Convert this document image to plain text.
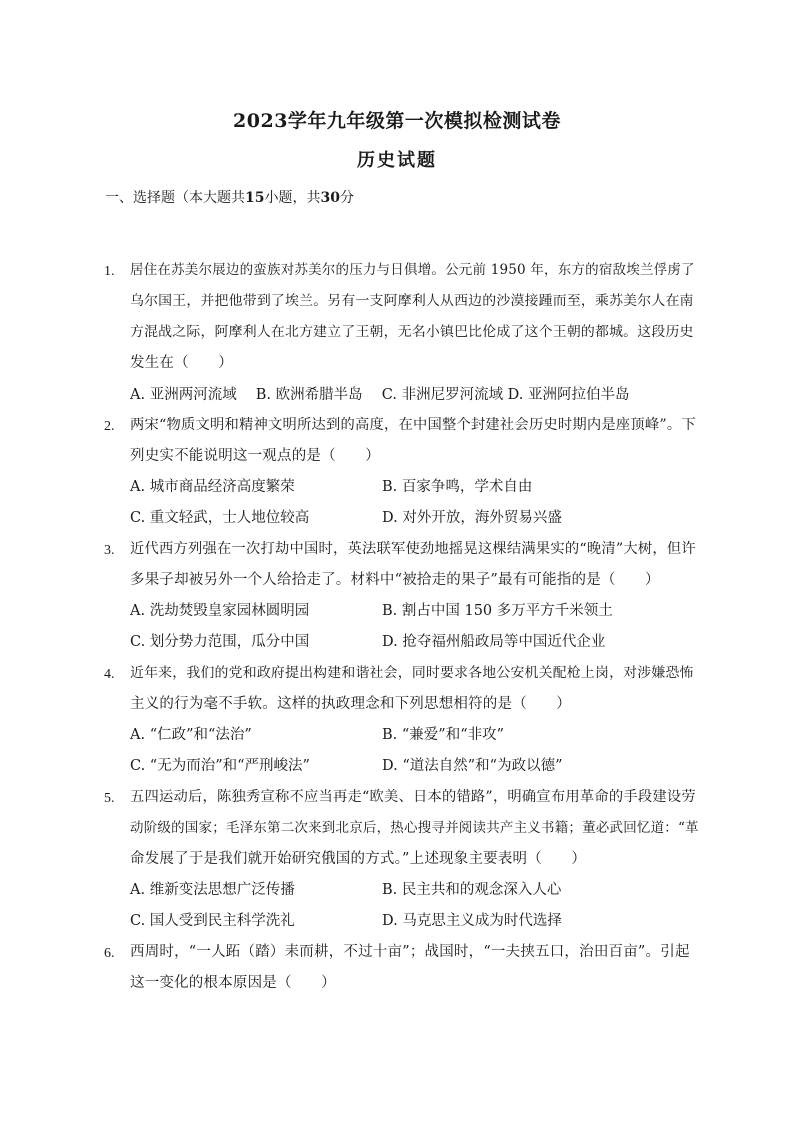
2023学年九年级第一次模拟检测试卷
历史试题
一、选择题（本大题共15小题，共30分
1. 居住在苏美尔展边的蛮族对苏美尔的压力与日俱增。公元前 1950 年，东方的宿敌埃兰俘虏了
乌尔国王，并把他带到了埃兰。另有一支阿摩利人从西边的沙漠接踵而至，乘苏美尔人在南
方混战之际，阿摩利人在北方建立了王朝，无名小镇巴比伦成了这个王朝的都城。这段历史
发生在（　　）
A. 亚洲两河流域　 B. 欧洲希腊半岛　 C. 非洲尼罗河流域 D. 亚洲阿拉伯半岛
2. 两宋“物质文明和精神文明所达到的高度，在中国整个封建社会历史时期内是座顶峰”。下
列史实不能说明这一观点的是（　　）
A. 城市商品经济高度繁荣	B. 百家争鸣，学术自由
C. 重文轻武，士人地位较高	D. 对外开放，海外贸易兴盛
3. 近代西方列强在一次打劫中国时，英法联军使劲地摇晃这棵结满果实的“晚清”大树，但许
多果子却被另外一个人给拾走了。材料中“被拾走的果子”最有可能指的是（　　）
A. 洗劫焚毁皇家园林圆明园	B. 割占中国 150 多万平方千米领土
C. 划分势力范围，瓜分中国	D. 抢夺福州船政局等中国近代企业
4. 近年来，我们的党和政府提出构建和谐社会，同时要求各地公安机关配枪上岗，对涉嫌恐怖
主义的行为毫不手软。这样的执政理念和下列思想相符的是（　　）
A. “仁政”和“法治”	B. “兼爱”和“非攻”
C. “无为而治”和“严刑峻法”	D. “道法自然”和“为政以德”
5. 五四运动后，陈独秀宣称不应当再走“欧美、日本的错路”，明确宣布用革命的手段建设劳
动阶级的国家；毛泽东第二次来到北京后，热心搜寻并阅读共产主义书籍；董必武回忆道：“革
命发展了于是我们就开始研究俄国的方式。”上述现象主要表明（　　）
A. 维新变法思想广泛传播	B. 民主共和的观念深入人心
C. 国人受到民主科学洗礼	D. 马克思主义成为时代选择
6. 西周时，“一人跖（踏）耒而耕，不过十亩”；战国时，“一夫挟五口，治田百亩”。引起
这一变化的根本原因是（　　）
